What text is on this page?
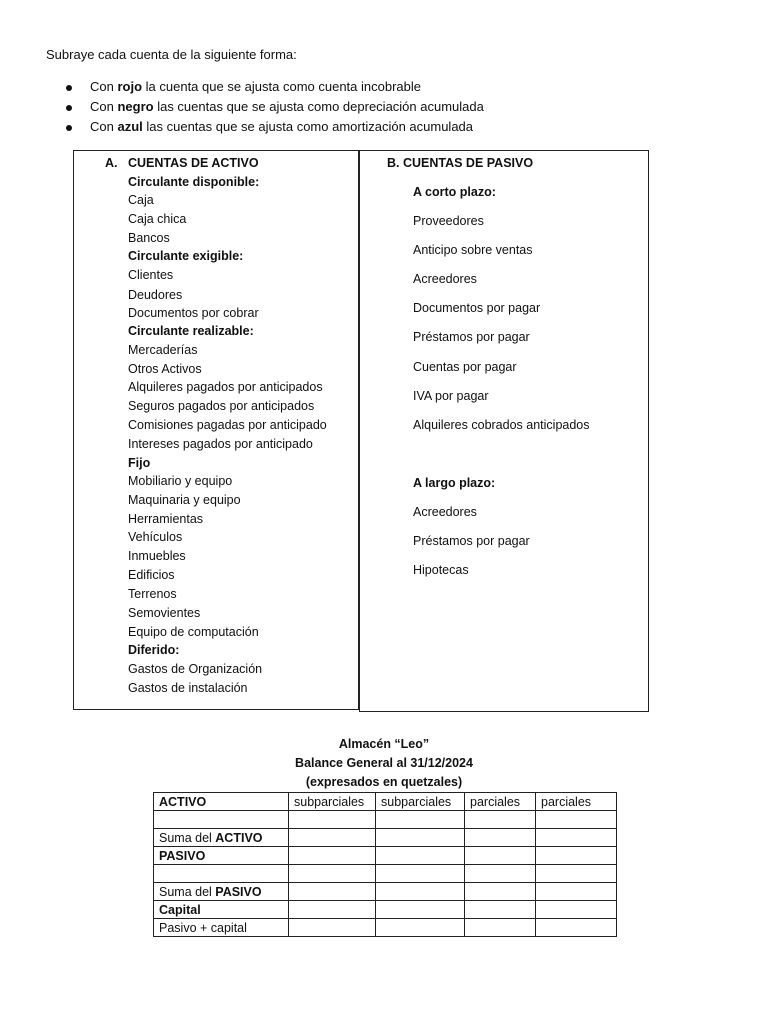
Subraye cada cuenta de la siguiente forma:
Con rojo la cuenta que se ajusta como cuenta incobrable
Con negro las cuentas que se ajusta como depreciación acumulada
Con azul las cuentas que se ajusta como amortización acumulada
A. CUENTAS DE ACTIVO
Circulante disponible:
Caja
Caja chica
Bancos
Circulante exigible:
Clientes
Deudores
Documentos por cobrar
Circulante realizable:
Mercaderías
Otros Activos
Alquileres pagados por anticipados
Seguros pagados por anticipados
Comisiones pagadas por anticipado
Intereses pagados por anticipado
Fijo
Mobiliario y equipo
Maquinaria y equipo
Herramientas
Vehículos
Inmuebles
Edificios
Terrenos
Semovientes
Equipo de computación
Diferido:
Gastos de Organización
Gastos de instalación
B. CUENTAS DE PASIVO
A corto plazo:
Proveedores
Anticipo sobre ventas
Acreedores
Documentos por pagar
Préstamos por pagar
Cuentas por pagar
IVA por pagar
Alquileres cobrados anticipados
A largo plazo:
Acreedores
Préstamos por pagar
Hipotecas
Almacén “Leo”
Balance General al 31/12/2024
(expresados en quetzales)
ACTIVO	subparciales	subparciales	parciales	parciales

Suma del ACTIVO				
PASIVO				

Suma del PASIVO				
Capital				
Pasivo + capital				
